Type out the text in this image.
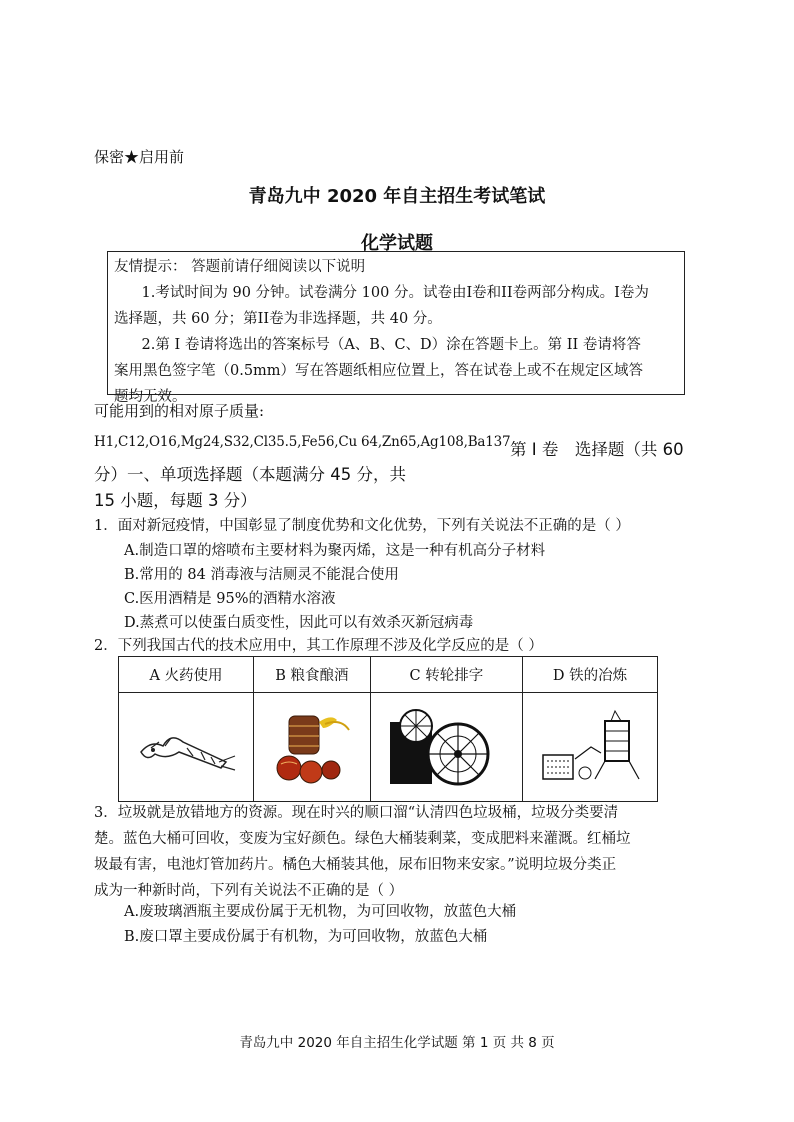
保密★启用前
青岛九中 2020 年自主招生考试笔试
化学试题

友情提示： 答题前请仔细阅读以下说明

1.考试时间为 90 分钟。试卷满分 100 分。试卷由I卷和II卷两部分构成。I卷为

选择题，共 60 分；第II卷为非选择题，共 40 分。

2.第 I 卷请将选出的答案标号（A、B、C、D）涂在答题卡上。第 II 卷请将答

案用黑色签字笔（0.5mm）写在答题纸相应位置上，答在试卷上或不在规定区域答

题均无效。

可能用到的相对原子质量:
H1,C12,O16,Mg24,S32,Cl35.5,Fe56,Cu 64,Zn65,Ag108,Ba137 第 I 卷　选择题（共 60
分）一、单项选择题（本题满分 45 分，共
15 小题，每题 3 分）
1．面对新冠疫情，中国彰显了制度优势和文化优势，下列有关说法不正确的是（ ）
A.制造口罩的熔喷布主要材料为聚丙烯，这是一种有机高分子材料
B.常用的 84 消毒液与洁厕灵不能混合使用
C.医用酒精是 95%的酒精水溶液
D.蒸煮可以使蛋白质变性，因此可以有效杀灭新冠病毒
2．下列我国古代的技术应用中，其工作原理不涉及化学反应的是（ ）
A 火药使用	B 粮食酿酒	C 转轮排字	D 铁的冶炼

3．垃圾就是放错地方的资源。现在时兴的顺口溜“认清四色垃圾桶，垃圾分类要清
楚。蓝色大桶可回收，变废为宝好颜色。绿色大桶装剩菜，变成肥料来灌溉。红桶垃
圾最有害，电池灯管加药片。橘色大桶装其他，尿布旧物来安家。”说明垃圾分类正
成为一种新时尚，下列有关说法不正确的是（ ）
A.废玻璃酒瓶主要成份属于无机物，为可回收物，放蓝色大桶
B.废口罩主要成份属于有机物，为可回收物，放蓝色大桶
青岛九中 2020 年自主招生化学试题 第 1 页 共 8 页
